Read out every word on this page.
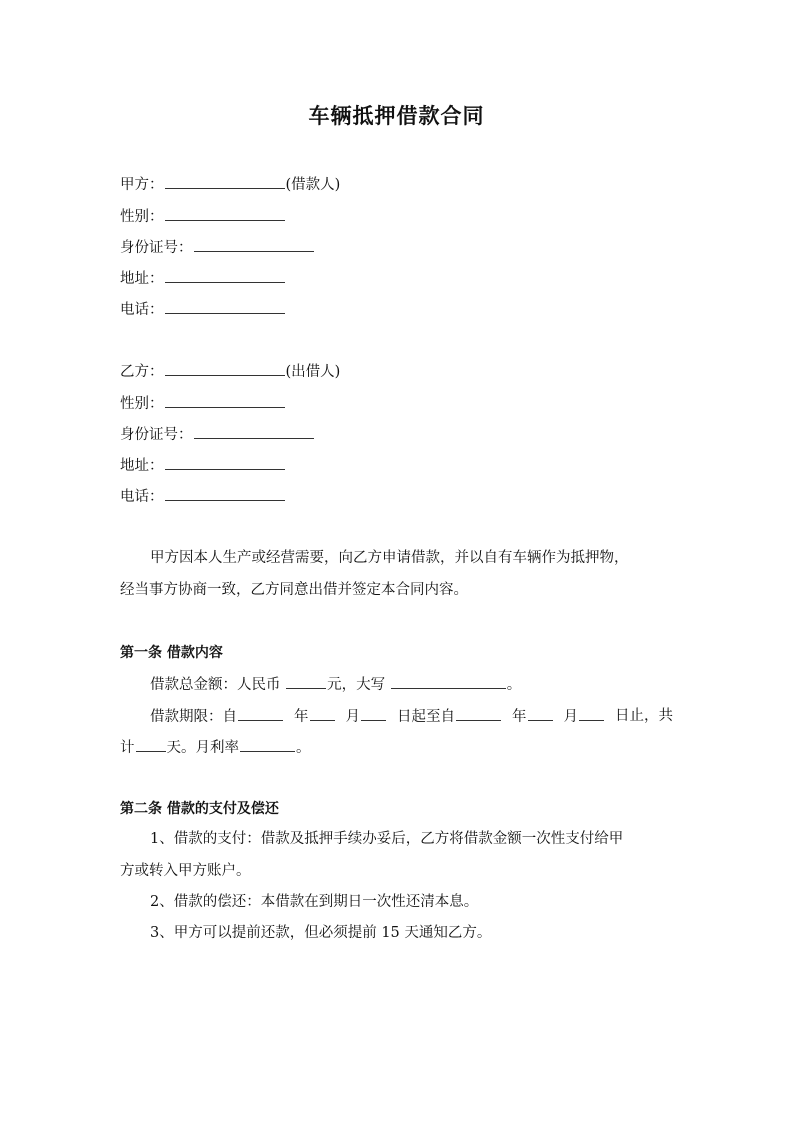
车辆抵押借款合同
甲方：	(借款人)
性别：
身份证号：
地址：
电话：
乙方：	(出借人)
性别：
身份证号：
地址：
电话：
甲方因本人生产或经营需要，向乙方申请借款，并以自有车辆作为抵押物，
经当事方协商一致，乙方同意出借并签定本合同内容。
第一条 借款内容
借款总金额：人民币	元，大写	。
借款期限：自	年	月	日起至自	年	月	日止，共
计 天。月利率	。
第二条 借款的支付及偿还
1、借款的支付：借款及抵押手续办妥后，乙方将借款金额一次性支付给甲
方或转入甲方账户。
2、借款的偿还：本借款在到期日一次性还清本息。
3、甲方可以提前还款，但必须提前 15 天通知乙方。
